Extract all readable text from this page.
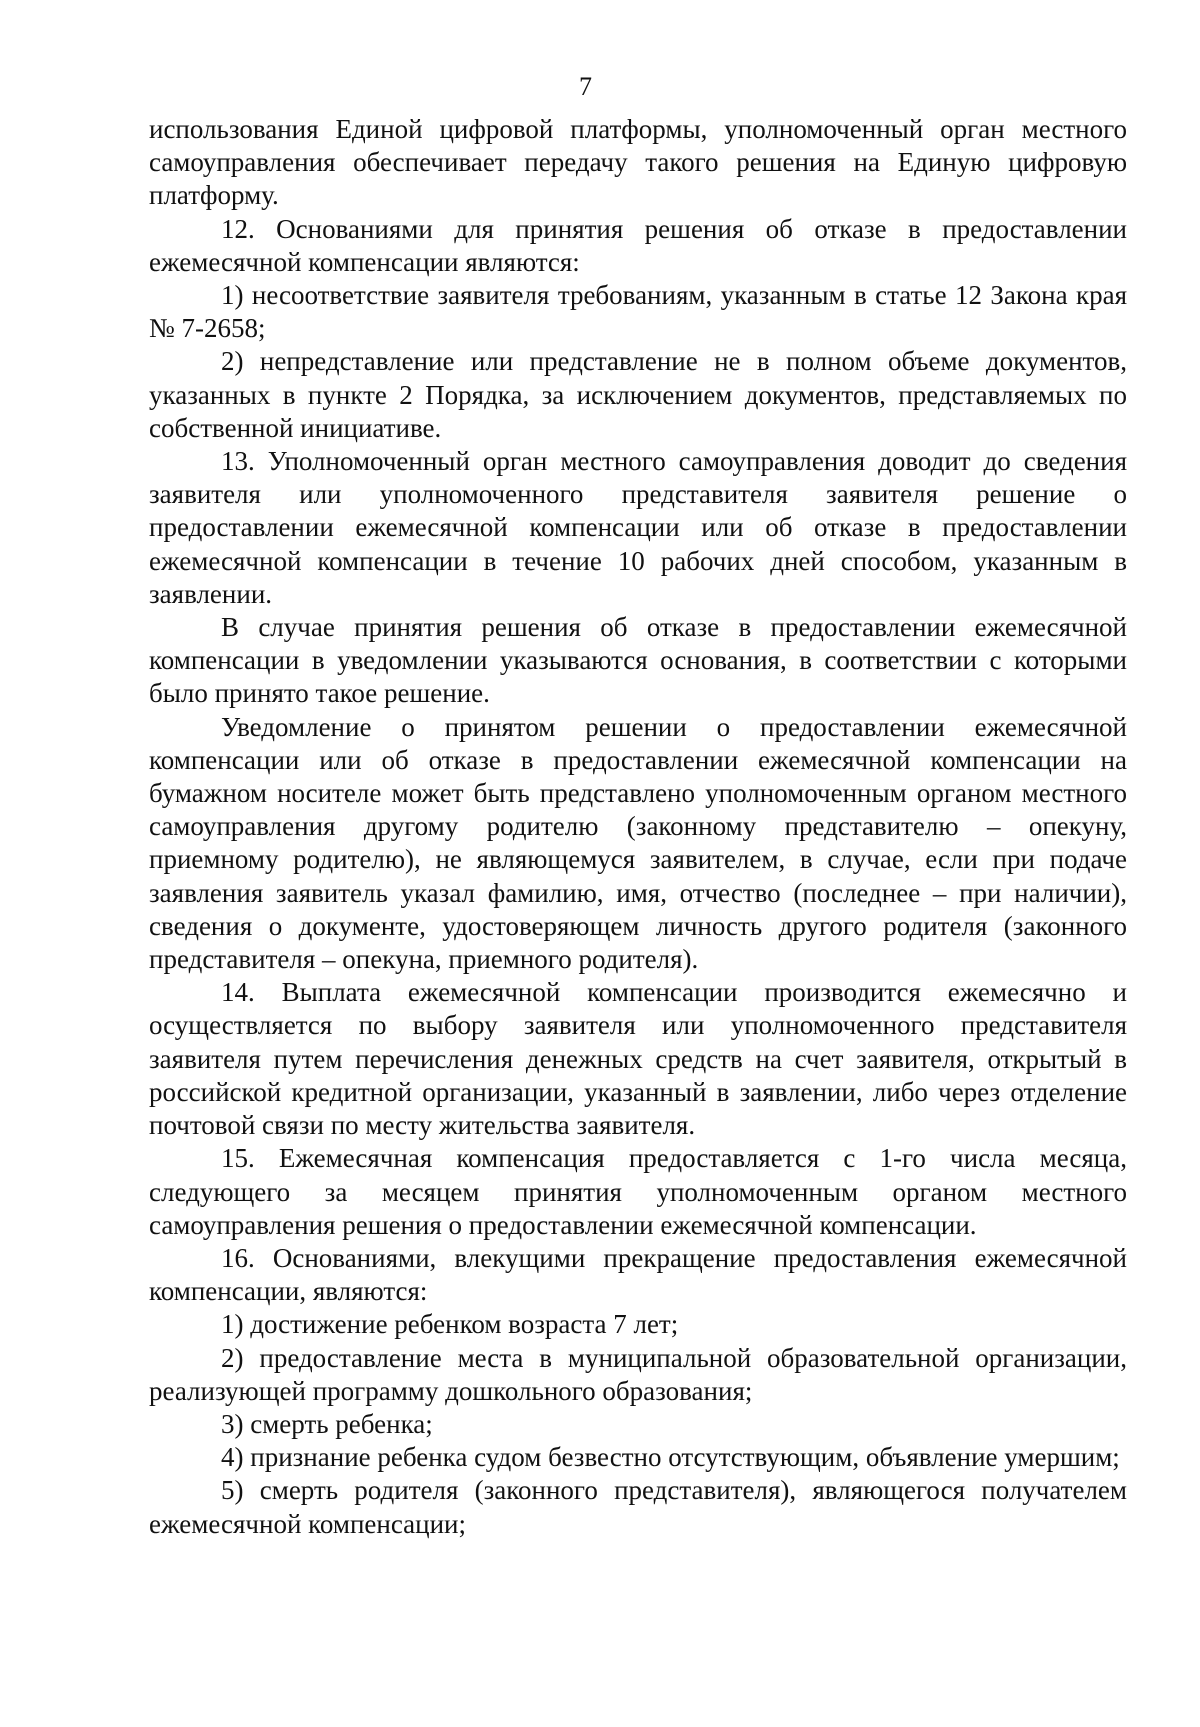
7

использования Единой цифровой платформы, уполномоченный орган местного самоуправления обеспечивает передачу такого решения на Единую цифровую платформу.

12. Основаниями для принятия решения об отказе в предоставлении ежемесячной компенсации являются:

1) несоответствие заявителя требованиям, указанным в статье 12 Закона края № 7-2658;

2) непредставление или представление не в полном объеме документов, указанных в пункте 2 Порядка, за исключением документов, представляемых по собственной инициативе.

13. Уполномоченный орган местного самоуправления доводит до сведения заявителя или уполномоченного представителя заявителя решение о предоставлении ежемесячной компенсации или об отказе в предоставлении ежемесячной компенсации в течение 10 рабочих дней способом, указанным в заявлении.

В случае принятия решения об отказе в предоставлении ежемесячной компенсации в уведомлении указываются основания, в соответствии с которыми было принято такое решение.

Уведомление о принятом решении о предоставлении ежемесячной компенсации или об отказе в предоставлении ежемесячной компенсации на бумажном носителе может быть представлено уполномоченным органом местного самоуправления другому родителю (законному представителю – опекуну, приемному родителю), не являющемуся заявителем, в случае, если при подаче заявления заявитель указал фамилию, имя, отчество (последнее – при наличии), сведения о документе, удостоверяющем личность другого родителя (законного представителя – опекуна, приемного родителя).

14. Выплата ежемесячной компенсации производится ежемесячно и осуществляется по выбору заявителя или уполномоченного представителя заявителя путем перечисления денежных средств на счет заявителя, открытый в российской кредитной организации, указанный в заявлении, либо через отделение почтовой связи по месту жительства заявителя.

15. Ежемесячная компенсация предоставляется с 1-го числа месяца, следующего за месяцем принятия уполномоченным органом местного самоуправления решения о предоставлении ежемесячной компенсации.

16. Основаниями, влекущими прекращение предоставления ежемесячной компенсации, являются:

1) достижение ребенком возраста 7 лет;

2) предоставление места в муниципальной образовательной организации, реализующей программу дошкольного образования;

3) смерть ребенка;

4) признание ребенка судом безвестно отсутствующим, объявление умершим;

5) смерть родителя (законного представителя), являющегося получателем ежемесячной компенсации;
